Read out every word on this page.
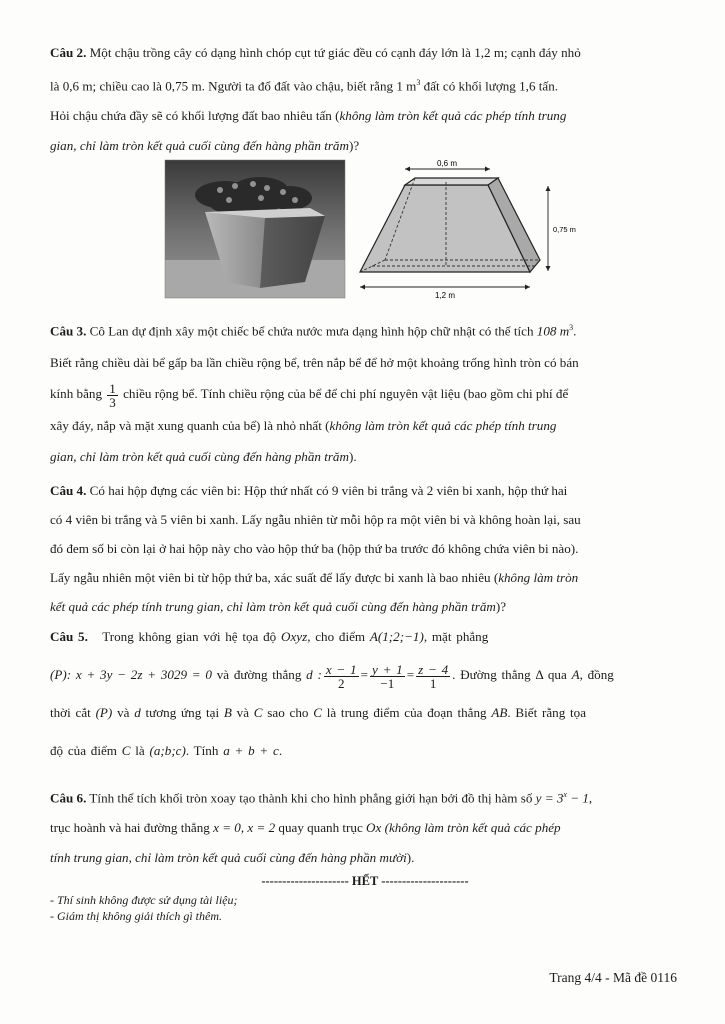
Câu 2. Một chậu trồng cây có dạng hình chóp cụt tứ giác đều có cạnh đáy lớn là 1,2 m; cạnh đáy nhỏ
là 0,6 m; chiều cao là 0,75 m. Người ta đổ đất vào chậu, biết rằng 1 $m^3$ đất có khối lượng 1,6 tấn.
Hỏi chậu chứa đầy sẽ có khối lượng đất bao nhiêu tấn (không làm tròn kết quả các phép tính trung
gian, chỉ làm tròn kết quả cuối cùng đến hàng phần trăm)?
0,6 m
0,75 m
1,2 m
Câu 3. Cô Lan dự định xây một chiếc bể chứa nước mưa dạng hình hộp chữ nhật có thể tích 108 $m^3$.
Biết rằng chiều dài bể gấp ba lần chiều rộng bể, trên nắp bể để hở một khoảng trống hình tròn có bán
kính bằng $\frac{1}{3}$ chiều rộng bể. Tính chiều rộng của bể để chi phí nguyên vật liệu (bao gồm chi phí để
xây đáy, nắp và mặt xung quanh của bể) là nhỏ nhất (không làm tròn kết quả các phép tính trung
gian, chỉ làm tròn kết quả cuối cùng đến hàng phần trăm).
Câu 4. Có hai hộp đựng các viên bi: Hộp thứ nhất có 9 viên bi trắng và 2 viên bi xanh, hộp thứ hai
có 4 viên bi trắng và 5 viên bi xanh. Lấy ngẫu nhiên từ mỗi hộp ra một viên bi và không hoàn lại, sau
đó đem số bi còn lại ở hai hộp này cho vào hộp thứ ba (hộp thứ ba trước đó không chứa viên bi nào).
Lấy ngẫu nhiên một viên bi từ hộp thứ ba, xác suất để lấy được bi xanh là bao nhiêu (không làm tròn
kết quả các phép tính trung gian, chỉ làm tròn kết quả cuối cùng đến hàng phần trăm)?
Câu 5. Trong không gian với hệ tọa độ Oxyz, cho điểm A(1;2;−1), mặt phẳng
(P): x + 3y − 2z + 3029 = 0 và đường thẳng d : $\frac{x - 1}{2} = \frac{y + 1}{-1} = \frac{z - 4}{1}$ . Đường thẳng Δ qua A, đồng
thời cắt (P) và d tương ứng tại B và C sao cho C là trung điểm của đoạn thẳng AB. Biết rằng tọa
độ của điểm C là (a;b;c). Tính a + b + c.
Câu 6. Tính thể tích khối tròn xoay tạo thành khi cho hình phẳng giới hạn bởi đồ thị hàm số $y = 3^x - 1$,
trục hoành và hai đường thẳng x = 0, x = 2 quay quanh trục Ox (không làm tròn kết quả các phép
tính trung gian, chỉ làm tròn kết quả cuối cùng đến hàng phần mười).
--------------------- HẾT ---------------------
- Thí sinh không được sử dụng tài liệu;
- Giám thị không giải thích gì thêm.
Trang 4/4 - Mã đề 0116
